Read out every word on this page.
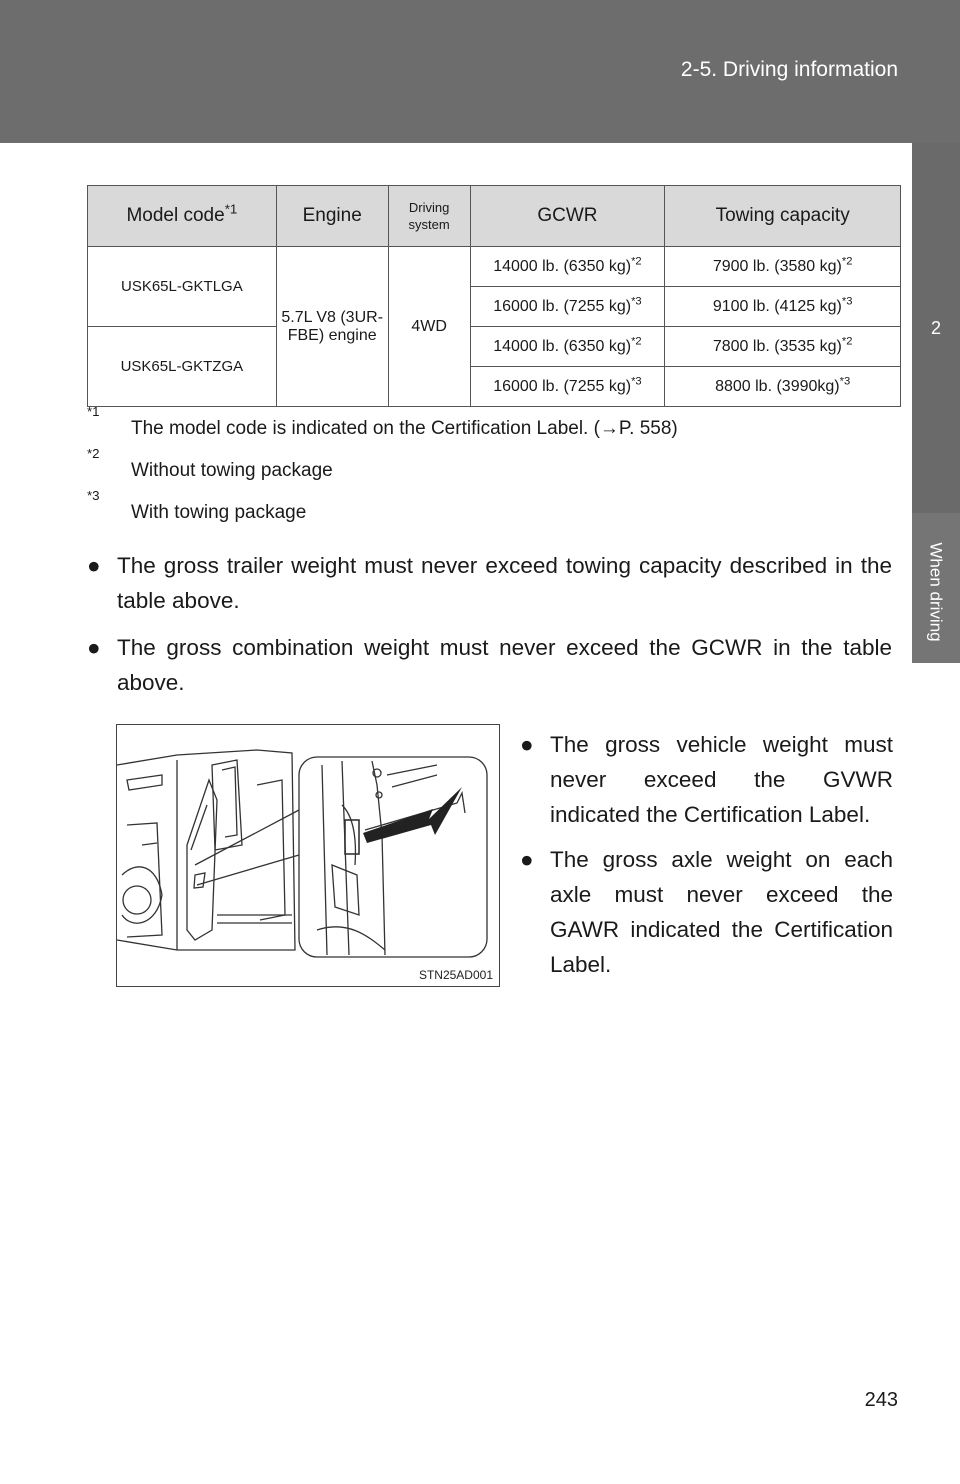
2-5. Driving information
2
When driving
Model code$^{*1}$	Engine	Driving system	GCWR	Towing capacity
USK65L-GKTLGA	5.7L V8 (3UR-FBE) engine	4WD	14000 lb. (6350 kg)$^{*2}$	7900 lb. (3580 kg)$^{*2}$
			16000 lb. (7255 kg)$^{*3}$	9100 lb. (4125 kg)$^{*3}$
USK65L-GKTZGA			14000 lb. (6350 kg)$^{*2}$	7800 lb. (3535 kg)$^{*2}$
			16000 lb. (7255 kg)$^{*3}$	8800 lb. $(3990kg)^{*3}$
*1
The model code is indicated on the Certification Label. (→P. 558)
*2
Without towing package
*3
With towing package
● The gross trailer weight must never exceed towing capacity described in the table above.
● The gross combination weight must never exceed the GCWR in the table above.
● The gross vehicle weight must never exceed the GVWR indicated the Certification Label.
● The gross axle weight on each axle must never exceed the GAWR indicated the Certification Label.
STN25AD001
243
